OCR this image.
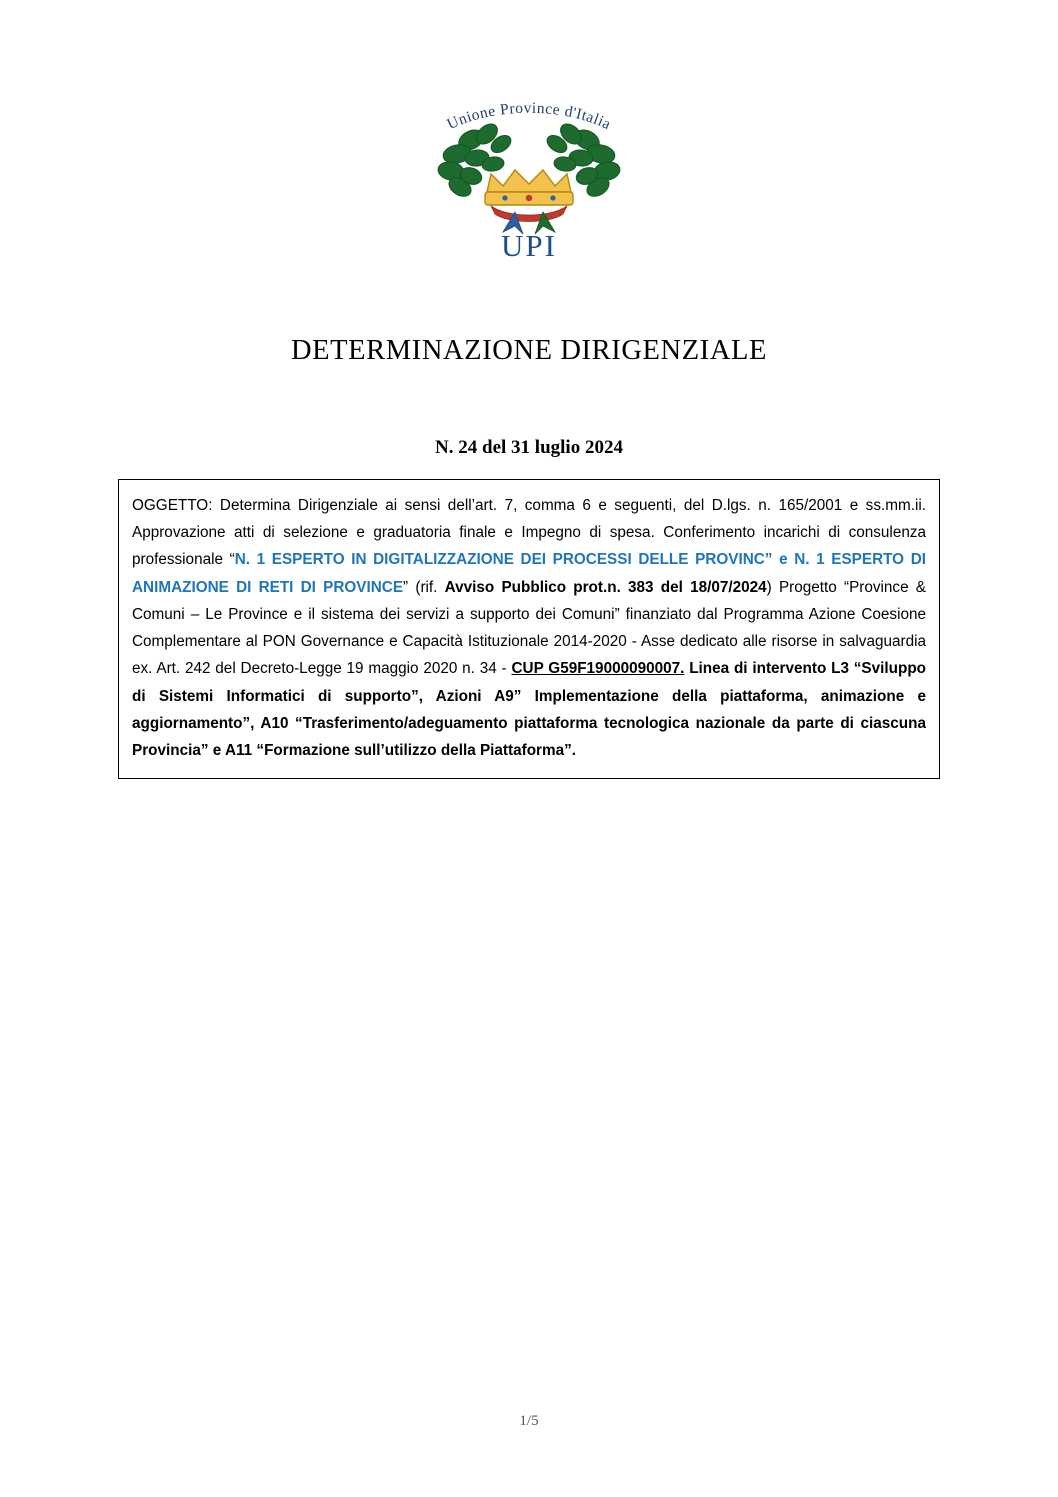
Unione Province d'Italia
UPI
DETERMINAZIONE DIRIGENZIALE
N. 24 del 31 luglio 2024

OGGETTO: Determina Dirigenziale ai sensi dell’art. 7, comma 6 e seguenti, del D.lgs. n. 165/2001 e ss.mm.ii. Approvazione atti di selezione e graduatoria finale e Impegno di spesa. Conferimento incarichi di consulenza professionale “N. 1 ESPERTO IN DIGITALIZZAZIONE DEI PROCESSI DELLE PROVINC” e N. 1 ESPERTO DI ANIMAZIONE DI RETI DI PROVINCE” (rif. Avviso Pubblico prot.n. 383 del 18/07/2024) Progetto “Province & Comuni – Le Province e il sistema dei servizi a supporto dei Comuni” finanziato dal Programma Azione Coesione Complementare al PON Governance e Capacità Istituzionale 2014-2020 - Asse dedicato alle risorse in salvaguardia ex. Art. 242 del Decreto-Legge 19 maggio 2020 n. 34 - CUP G59F19000090007. Linea di intervento L3 “Sviluppo di Sistemi Informatici di supporto”, Azioni A9” Implementazione della piattaforma, animazione e aggiornamento”, A10 “Trasferimento/adeguamento piattaforma tecnologica nazionale da parte di ciascuna Provincia” e A11 “Formazione sull’utilizzo della Piattaforma”.

1/5
